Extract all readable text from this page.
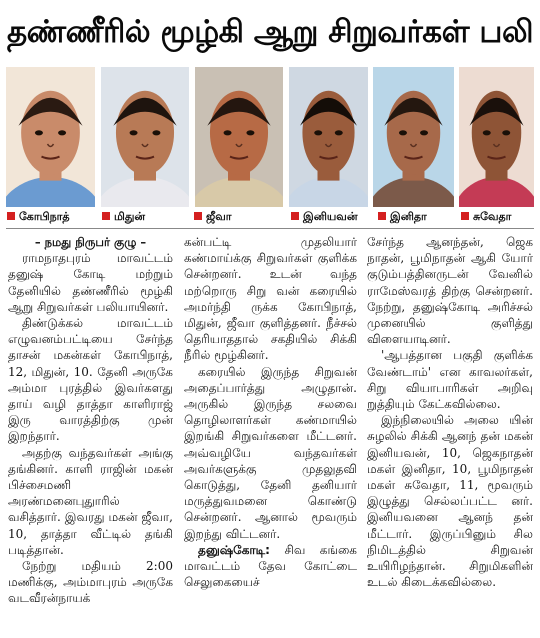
தண்ணீரில் மூழ்கி ஆறு சிறுவர்கள் பலி
கோபிநாத்	மிதுன்	ஜீவா	இனியவன்	இனிதா	சுவேதா

– நமது நிருபர் குழு –

ராமநாதபுரம் மாவட்டம் தனுஷ் கோடி மற்றும் தேனியில் தண்ணீரில் மூழ்கி ஆறு சிறுவர்கள் பலியாயினர்.

திண்டுக்கல் மாவட்டம் எழுவனம்பட்டியை சேர்ந்த தாசன் மகன்கள் கோபிநாத், 12, மிதுன், 10. தேனி அருகே அம்மா புரத்தில் இவர்களது தாய் வழி தாத்தா காளிராஜ் இரு வாரத்திற்கு முன் இறந்தார்.

அதற்கு வந்தவர்கள் அங்கு தங்கினர். காளி ராஜின் மகன் பிச்சைமணி அரண்மனைபுதுாரில் வசித்தார். இவரது மகன் ஜீவா, 10, தாத்தா வீட்டில் தங்கி படித்தான்.

நேற்று மதியம் 2:00 மணிக்கு, அம்மாபுரம் அருகே வடவீரன்நாயக்

கன்பட்டி முதலியார் கண்மாய்க்கு சிறுவர்கள் குளிக்க சென்றனர். உடன் வந்த மற்றொரு சிறு வன் கரையில் அமர்ந்தி ருக்க கோபிநாத், மிதுன், ஜீவா குளித்தனர். நீச்சல் தெரியாததால் சகதியில் சிக்கி நீரில் மூழ்கினர்.

கரையில் இருந்த சிறுவன் அதைப்பார்த்து அழுதான். அருகில் இருந்த சலவை தொழிலாளர்கள் கண்மாயில் இறங்கி சிறுவர்களை மீட்டனர். அவ்வழியே வந்தவர்கள் அவர்களுக்கு முதலுதவி கொடுத்து, தேனி தனியார் மருத்துவமனை கொண்டு சென்றனர். ஆனால் மூவரும் இறந்து விட்டனர்.

தனுஷ்கோடி: சிவ கங்கை மாவட்டம் தேவ கோட்டை செலுகையைச்

சேர்ந்த ஆனந்தன், ஜெக நாதன், பூமிநாதன் ஆகி யோர் குடும்பத்தினருடன் வேனில் ராமேஸ்வரத் திற்கு சென்றனர். நேற்று, தனுஷ்கோடி அரிச்சல் முனையில் குளித்து விளையாடினர்.

'ஆபத்தான பகுதி குளிக்க வேண்டாம்' என காவலர்கள், சிறு வியாபாரிகள் அறிவு றுத்தியும் கேட்கவில்லை.

இந்நிலையில் அலை யின் சுழலில் சிக்கி ஆனந் தன் மகன் இனியவன், 10, ஜெகநாதன் மகள் இனிதா, 10, பூமிநாதன் மகள் சுவேதா, 11, மூவரும் இழுத்து செல்லப்பட்ட னர். இனியவனை ஆனந் தன் மீட்டார். இருப்பினும் சில நிமிடத்தில் சிறுவன் உயிரிழந்தான். சிறுமிகளின் உடல் கிடைக்கவில்லை.
